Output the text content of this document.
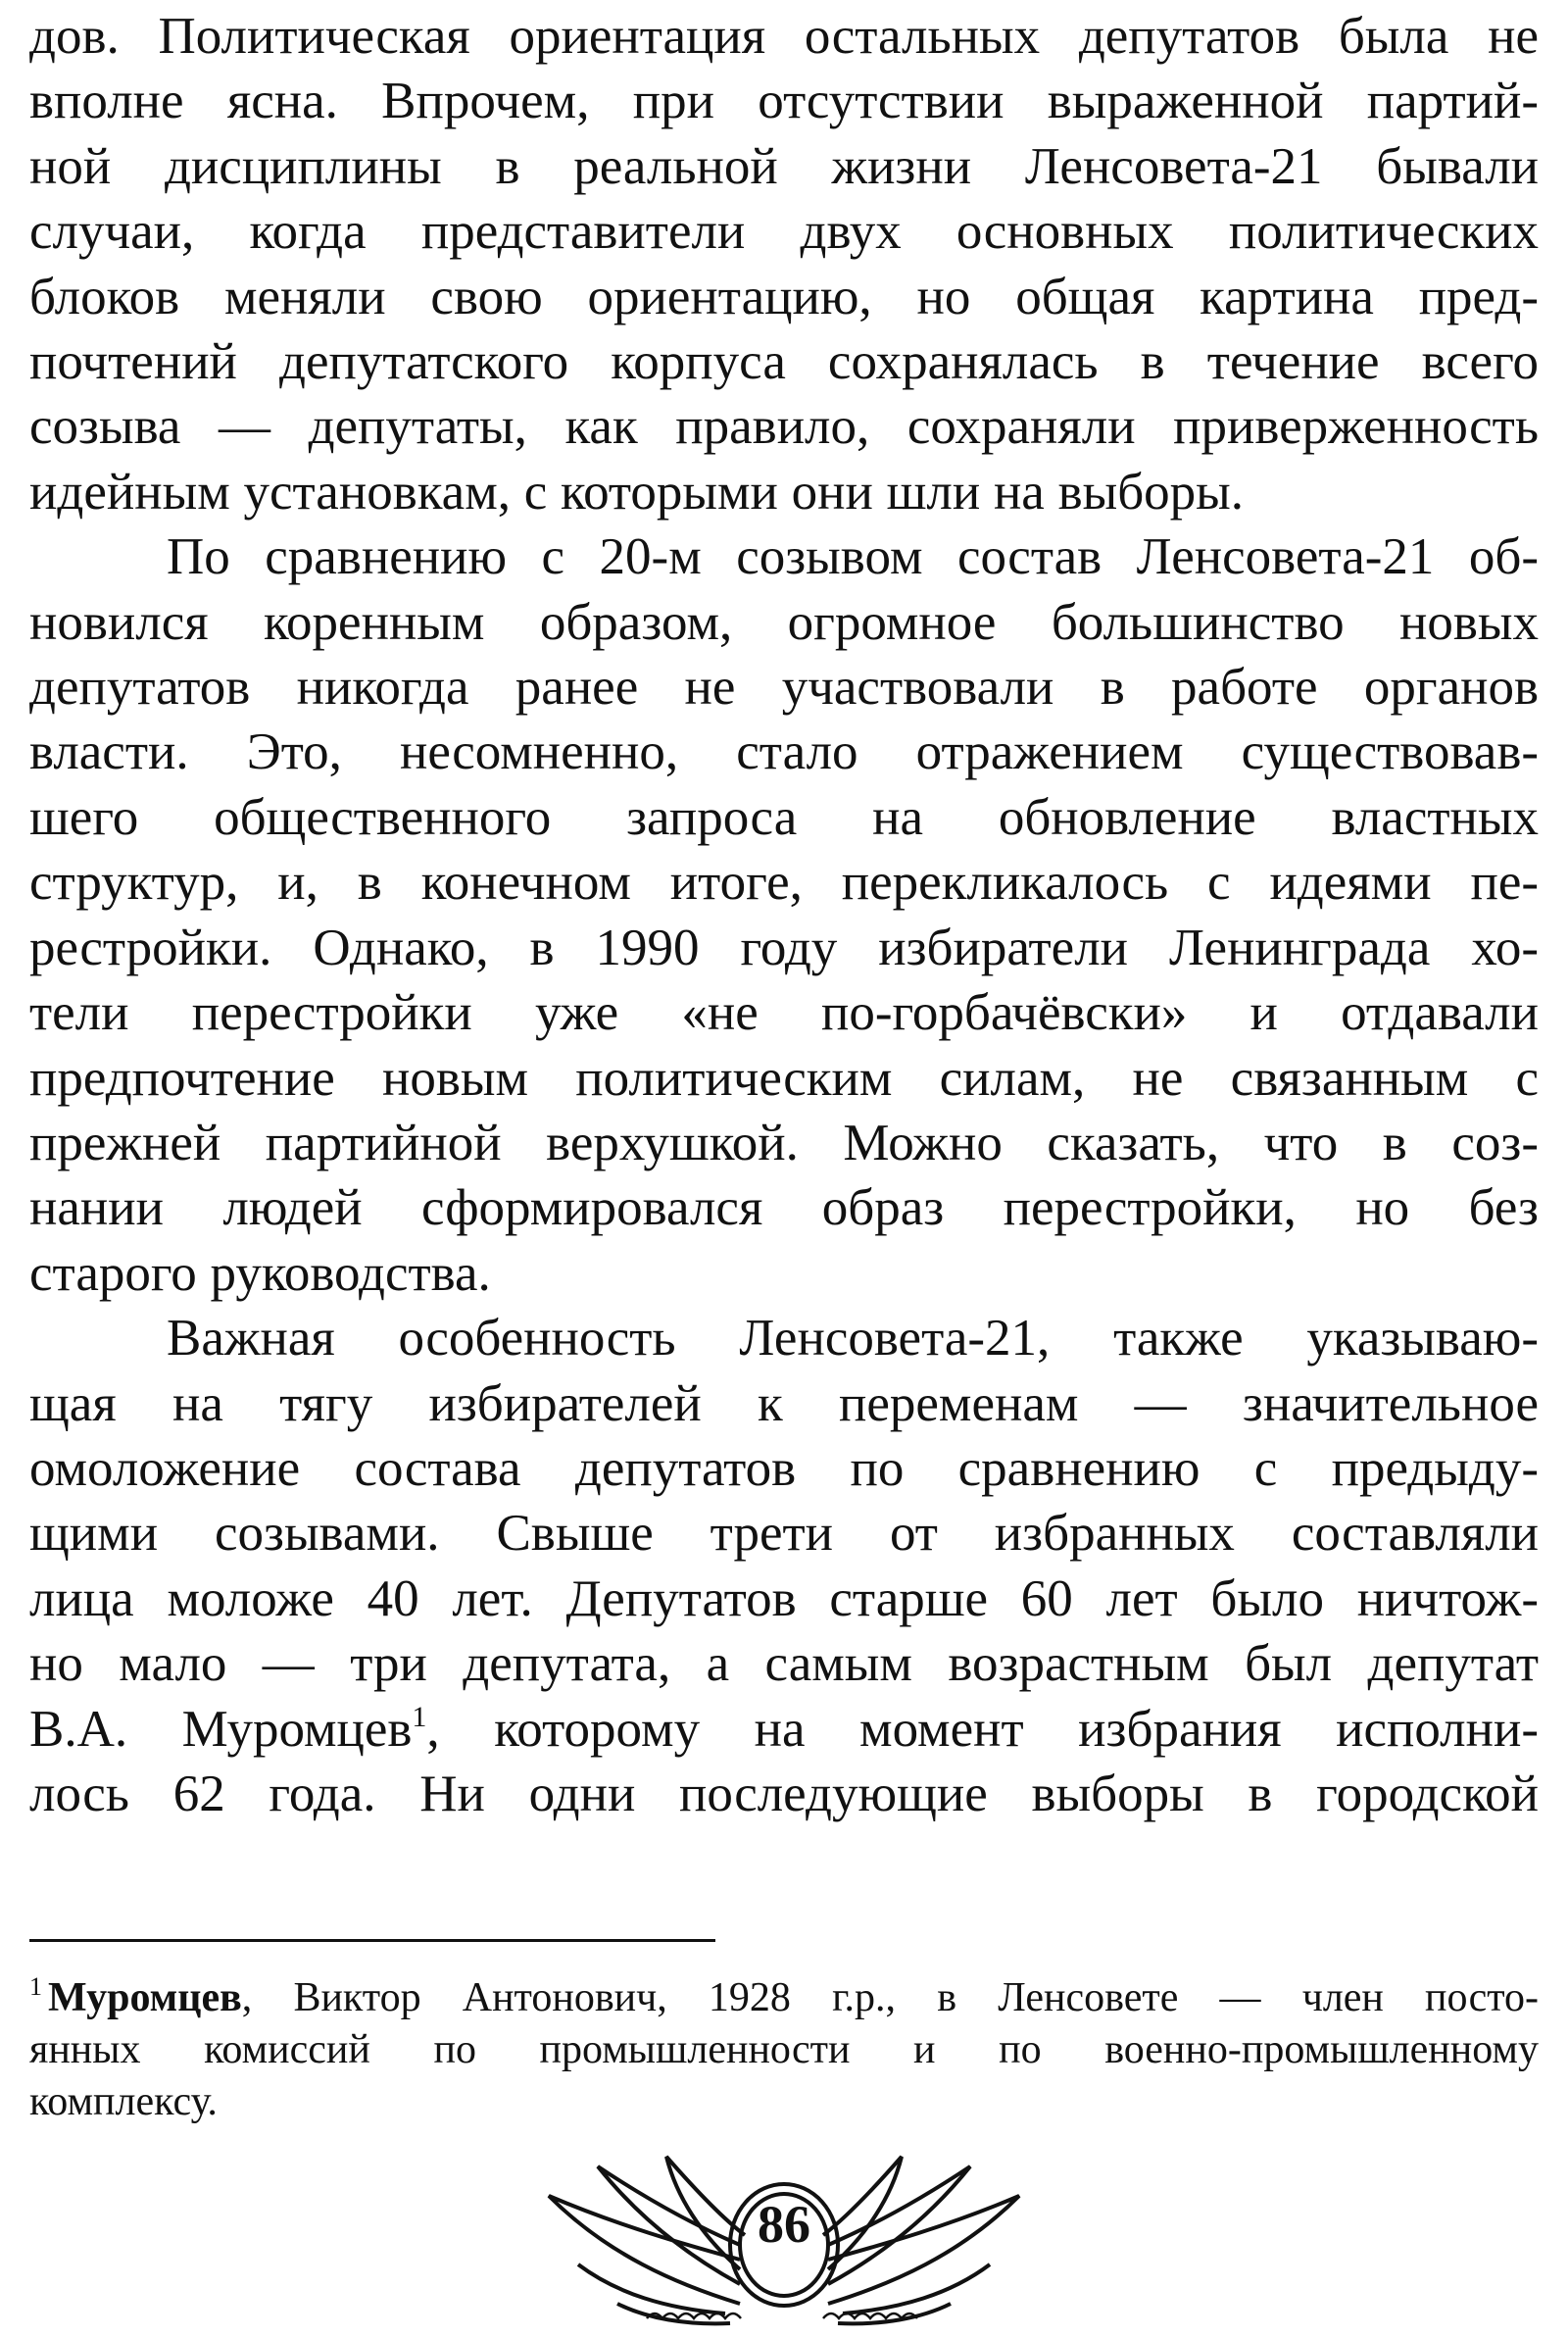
дов. Политическая ориентация остальных депутатов была не
вполне ясна. Впрочем, при отсутствии выраженной партий-
ной дисциплины в реальной жизни Ленсовета-21 бывали
случаи, когда представители двух основных политических
блоков меняли свою ориентацию, но общая картина пред-
почтений депутатского корпуса сохранялась в течение всего
созыва — депутаты, как правило, сохраняли приверженность
идейным установкам, с которыми они шли на выборы.
По сравнению с 20-м созывом состав Ленсовета-21 об-
новился коренным образом, огромное большинство новых
депутатов никогда ранее не участвовали в работе органов
власти. Это, несомненно, стало отражением существовав-
шего общественного запроса на обновление властных
структур, и, в конечном итоге, перекликалось с идеями пе-
рестройки. Однако, в 1990 году избиратели Ленинграда хо-
тели перестройки уже «не по-горбачёвски» и отдавали
предпочтение новым политическим силам, не связанным с
прежней партийной верхушкой. Можно сказать, что в соз-
нании людей сформировался образ перестройки, но без
старого руководства.
Важная особенность Ленсовета-21, также указываю-
щая на тягу избирателей к переменам — значительное
омоложение состава депутатов по сравнению с предыду-
щими созывами. Свыше трети от избранных составляли
лица моложе 40 лет. Депутатов старше 60 лет было ничтож-
но мало — три депутата, а самым возрастным был депутат
В.А. Муромцев$^1$, которому на момент избрания исполни-
лось 62 года. Ни одни последующие выборы в городской
$^1$ Муромцев, Виктор Антонович, 1928 г.р., в Ленсовете — член посто-
янных комиссий по промышленности и по военно-промышленному
комплексу.
86
